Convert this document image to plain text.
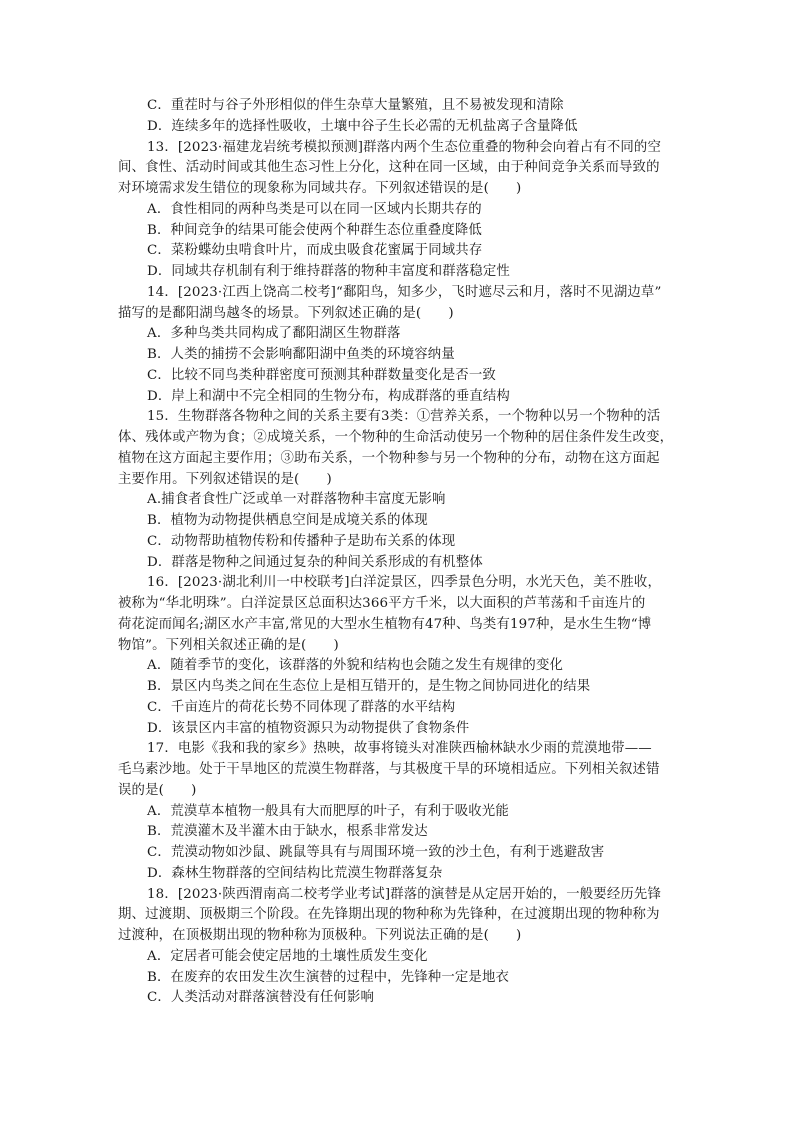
C．重茬时与谷子外形相似的伴生杂草大量繁殖，且不易被发现和清除
D．连续多年的选择性吸收，土壤中谷子生长必需的无机盐离子含量降低
13．[2023·福建龙岩统考模拟预测]群落内两个生态位重叠的物种会向着占有不同的空
间、食性、活动时间或其他生态习性上分化，这种在同一区域，由于种间竞争关系而导致的
对环境需求发生错位的现象称为同域共存。下列叙述错误的是(　　)
A．食性相同的两种鸟类是可以在同一区域内长期共存的
B．种间竞争的结果可能会使两个种群生态位重叠度降低
C．菜粉蝶幼虫啃食叶片，而成虫吸食花蜜属于同域共存
D．同域共存机制有利于维持群落的物种丰富度和群落稳定性
14．[2023·江西上饶高二校考]“鄱阳鸟，知多少，飞时遮尽云和月，落时不见湖边草”
描写的是鄱阳湖鸟越冬的场景。下列叙述正确的是(　　)
A．多种鸟类共同构成了鄱阳湖区生物群落
B．人类的捕捞不会影响鄱阳湖中鱼类的环境容纳量
C．比较不同鸟类种群密度可预测其种群数量变化是否一致
D．岸上和湖中不完全相同的生物分布，构成群落的垂直结构
15．生物群落各物种之间的关系主要有3类：①营养关系，一个物种以另一个物种的活
体、残体或产物为食；②成境关系，一个物种的生命活动使另一个物种的居住条件发生改变，
植物在这方面起主要作用；③助布关系，一个物种参与另一个物种的分布，动物在这方面起
主要作用。下列叙述错误的是(　　)
A.捕食者食性广泛或单一对群落物种丰富度无影响
B．植物为动物提供栖息空间是成境关系的体现
C．动物帮助植物传粉和传播种子是助布关系的体现
D．群落是物种之间通过复杂的种间关系形成的有机整体
16．[2023·湖北利川一中校联考]白洋淀景区，四季景色分明，水光天色，美不胜收，
被称为“华北明珠”。白洋淀景区总面积达366平方千米，以大面积的芦苇荡和千亩连片的
荷花淀而闻名;湖区水产丰富,常见的大型水生植物有47种、鸟类有197种，是水生生物“博
物馆”。下列相关叙述正确的是(　　)
A．随着季节的变化，该群落的外貌和结构也会随之发生有规律的变化
B．景区内鸟类之间在生态位上是相互错开的，是生物之间协同进化的结果
C．千亩连片的荷花长势不同体现了群落的水平结构
D．该景区内丰富的植物资源只为动物提供了食物条件
17．电影《我和我的家乡》热映，故事将镜头对准陕西榆林缺水少雨的荒漠地带——
毛乌素沙地。处于干旱地区的荒漠生物群落，与其极度干旱的环境相适应。下列相关叙述错
误的是(　　)
A．荒漠草本植物一般具有大而肥厚的叶子，有利于吸收光能
B．荒漠灌木及半灌木由于缺水，根系非常发达
C．荒漠动物如沙鼠、跳鼠等具有与周围环境一致的沙土色，有利于逃避敌害
D．森林生物群落的空间结构比荒漠生物群落复杂
18．[2023·陕西渭南高二校考学业考试]群落的演替是从定居开始的，一般要经历先锋
期、过渡期、顶极期三个阶段。在先锋期出现的物种称为先锋种，在过渡期出现的物种称为
过渡种，在顶极期出现的物种称为顶极种。下列说法正确的是(　　)
A．定居者可能会使定居地的土壤性质发生变化
B．在废弃的农田发生次生演替的过程中，先锋种一定是地衣
C．人类活动对群落演替没有任何影响
